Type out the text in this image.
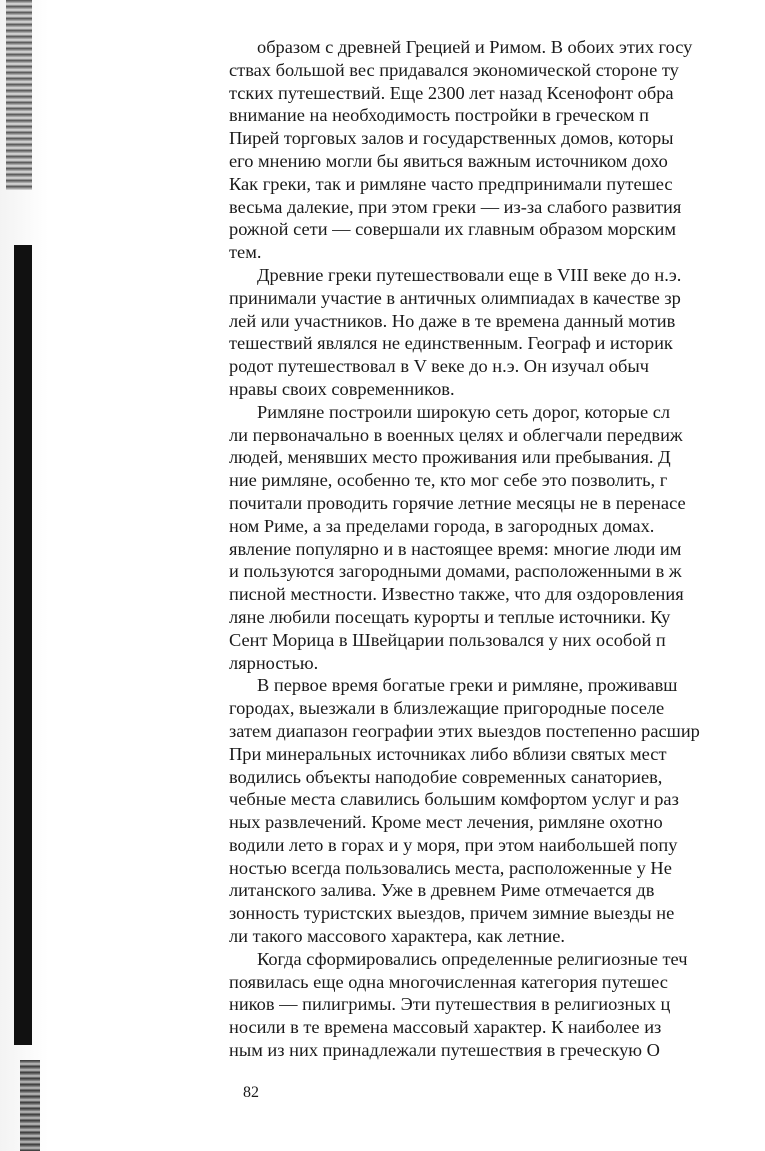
образом с древней Грецией и Римом. В обоих этих госу
ствах большой вес придавался экономической стороне ту
тских путешествий. Еще 2300 лет назад Ксенофонт обра
внимание на необходимость постройки в греческом п
Пирей торговых залов и государственных домов, которы
его мнению могли бы явиться важным источником дохо
Как греки, так и римляне часто предпринимали путешес
весьма далекие, при этом греки — из-за слабого развития
рожной сети — совершали их главным образом морским
тем.
Древние греки путешествовали еще в VIII веке до н.э.
принимали участие в античных олимпиадах в качестве зр
лей или участников. Но даже в те времена данный мотив
тешествий являлся не единственным. Географ и историк
родот путешествовал в V веке до н.э. Он изучал обыч
нравы своих современников.
Римляне построили широкую сеть дорог, которые сл
ли первоначально в военных целях и облегчали передвиж
людей, менявших место проживания или пребывания. Д
ние римляне, особенно те, кто мог себе это позволить, г
почитали проводить горячие летние месяцы не в перенасе
ном Риме, а за пределами города, в загородных домах.
явление популярно и в настоящее время: многие люди им
и пользуются загородными домами, расположенными в ж
писной местности. Известно также, что для оздоровления
ляне любили посещать курорты и теплые источники. Ку
Сент Морица в Швейцарии пользовался у них особой п
лярностью.
В первое время богатые греки и римляне, проживавш
городах, выезжали в близлежащие пригородные поселе
затем диапазон географии этих выездов постепенно расшир
При минеральных источниках либо вблизи святых мест
водились объекты наподобие современных санаториев,
чебные места славились большим комфортом услуг и раз
ных развлечений. Кроме мест лечения, римляне охотно
водили лето в горах и у моря, при этом наибольшей попу
ностью всегда пользовались места, расположенные у Не
литанского залива. Уже в древнем Риме отмечается дв
зонность туристских выездов, причем зимние выезды не
ли такого массового характера, как летние.
Когда сформировались определенные религиозные теч
появилась еще одна многочисленная категория путешес
ников — пилигримы. Эти путешествия в религиозных ц
носили в те времена массовый характер. К наиболее из
ным из них принадлежали путешествия в греческую О
82
